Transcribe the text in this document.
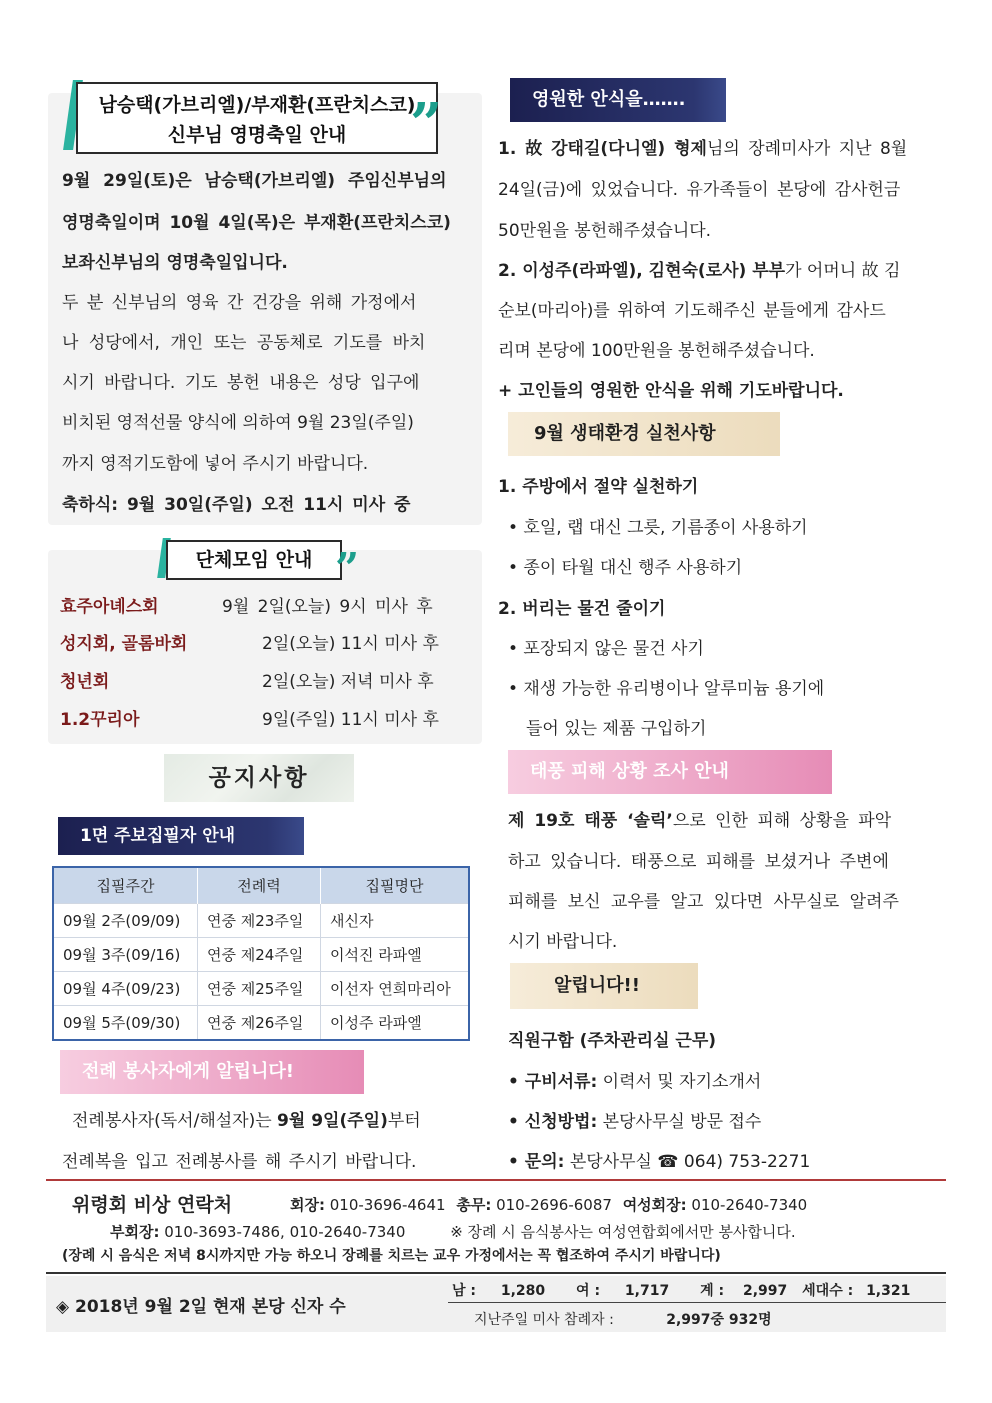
남승택(가브리엘)/부재환(프란치스코)
신부님 영명축일 안내	”
9월 29일(토)은 남승택(가브리엘) 주임신부님의
영명축일이며 10월 4일(목)은 부재환(프란치스코)
보좌신부님의 영명축일입니다.
두 분 신부님의 영육 간 건강을 위해 가정에서
나 성당에서, 개인 또는 공동체로 기도를 바치
시기 바랍니다. 기도 봉헌 내용은 성당 입구에
비치된 영적선물 양식에 의하여 9월 23일(주일)
까지 영적기도함에 넣어 주시기 바랍니다.
축하식: 9월 30일(주일) 오전 11시 미사 중
단체모임 안내 ”
효주아녜스회	9월 2일(오늘) 9시 미사 후
성지회, 골롬바회	2일(오늘) 11시 미사 후
청년회	2일(오늘) 저녁 미사 후
1.2꾸리아	9일(주일) 11시 미사 후
공지사항
1면 주보집필자 안내
집필주간	전례력	집필명단
09월 2주(09/09)	연중 제23주일	새신자
09월 3주(09/16)	연중 제24주일	이석진 라파엘
09월 4주(09/23)	연중 제25주일	이선자 연희마리아
09월 5주(09/30)	연중 제26주일	이성주 라파엘
전례 봉사자에게 알립니다!
전례봉사자(독서/해설자)는 9월 9일(주일)부터
전례복을 입고 전례봉사를 해 주시기 바랍니다.
영원한 안식을…….
1. 故 강태길(다니엘) 형제님의 장례미사가 지난 8월
24일(금)에 있었습니다. 유가족들이 본당에 감사헌금
50만원을 봉헌해주셨습니다.
2. 이성주(라파엘), 김현숙(로사) 부부가 어머니 故 김
순보(마리아)를 위하여 기도해주신 분들에게 감사드
리며 본당에 100만원을 봉헌해주셨습니다.
+ 고인들의 영원한 안식을 위해 기도바랍니다.
9월 생태환경 실천사항
1. 주방에서 절약 실천하기
• 호일, 랩 대신 그릇, 기름종이 사용하기
• 종이 타월 대신 행주 사용하기
2. 버리는 물건 줄이기
• 포장되지 않은 물건 사기
• 재생 가능한 유리병이나 알루미늄 용기에
들어 있는 제품 구입하기
태풍 피해 상황 조사 안내
제 19호 태풍 ‘솔릭’으로 인한 피해 상황을 파악
하고 있습니다. 태풍으로 피해를 보셨거나 주변에
피해를 보신 교우를 알고 있다면 사무실로 알려주
시기 바랍니다.
알립니다!!
직원구함 (주차관리실 근무)
• 구비서류: 이력서 및 자기소개서
• 신청방법: 본당사무실 방문 접수
• 문의: 본당사무실 ☎ 064) 753-2271
위령회 비상 연락처	회장: 010-3696-4641 총무: 010-2696-6087 여성회장: 010-2640-7340
부회장: 010-3693-7486, 010-2640-7340	※ 장례 시 음식봉사는 여성연합회에서만 봉사합니다.
(장례 시 음식은 저녁 8시까지만 가능 하오니 장례를 치르는 교우 가정에서는 꼭 협조하여 주시기 바랍니다)
◈ 2018년 9월 2일 현재 본당 신자 수
남 : 1,280 여 : 1,717 계 : 2,997 세대수 : 1,321
지난주일 미사 참례자 :	2,997중 932명
